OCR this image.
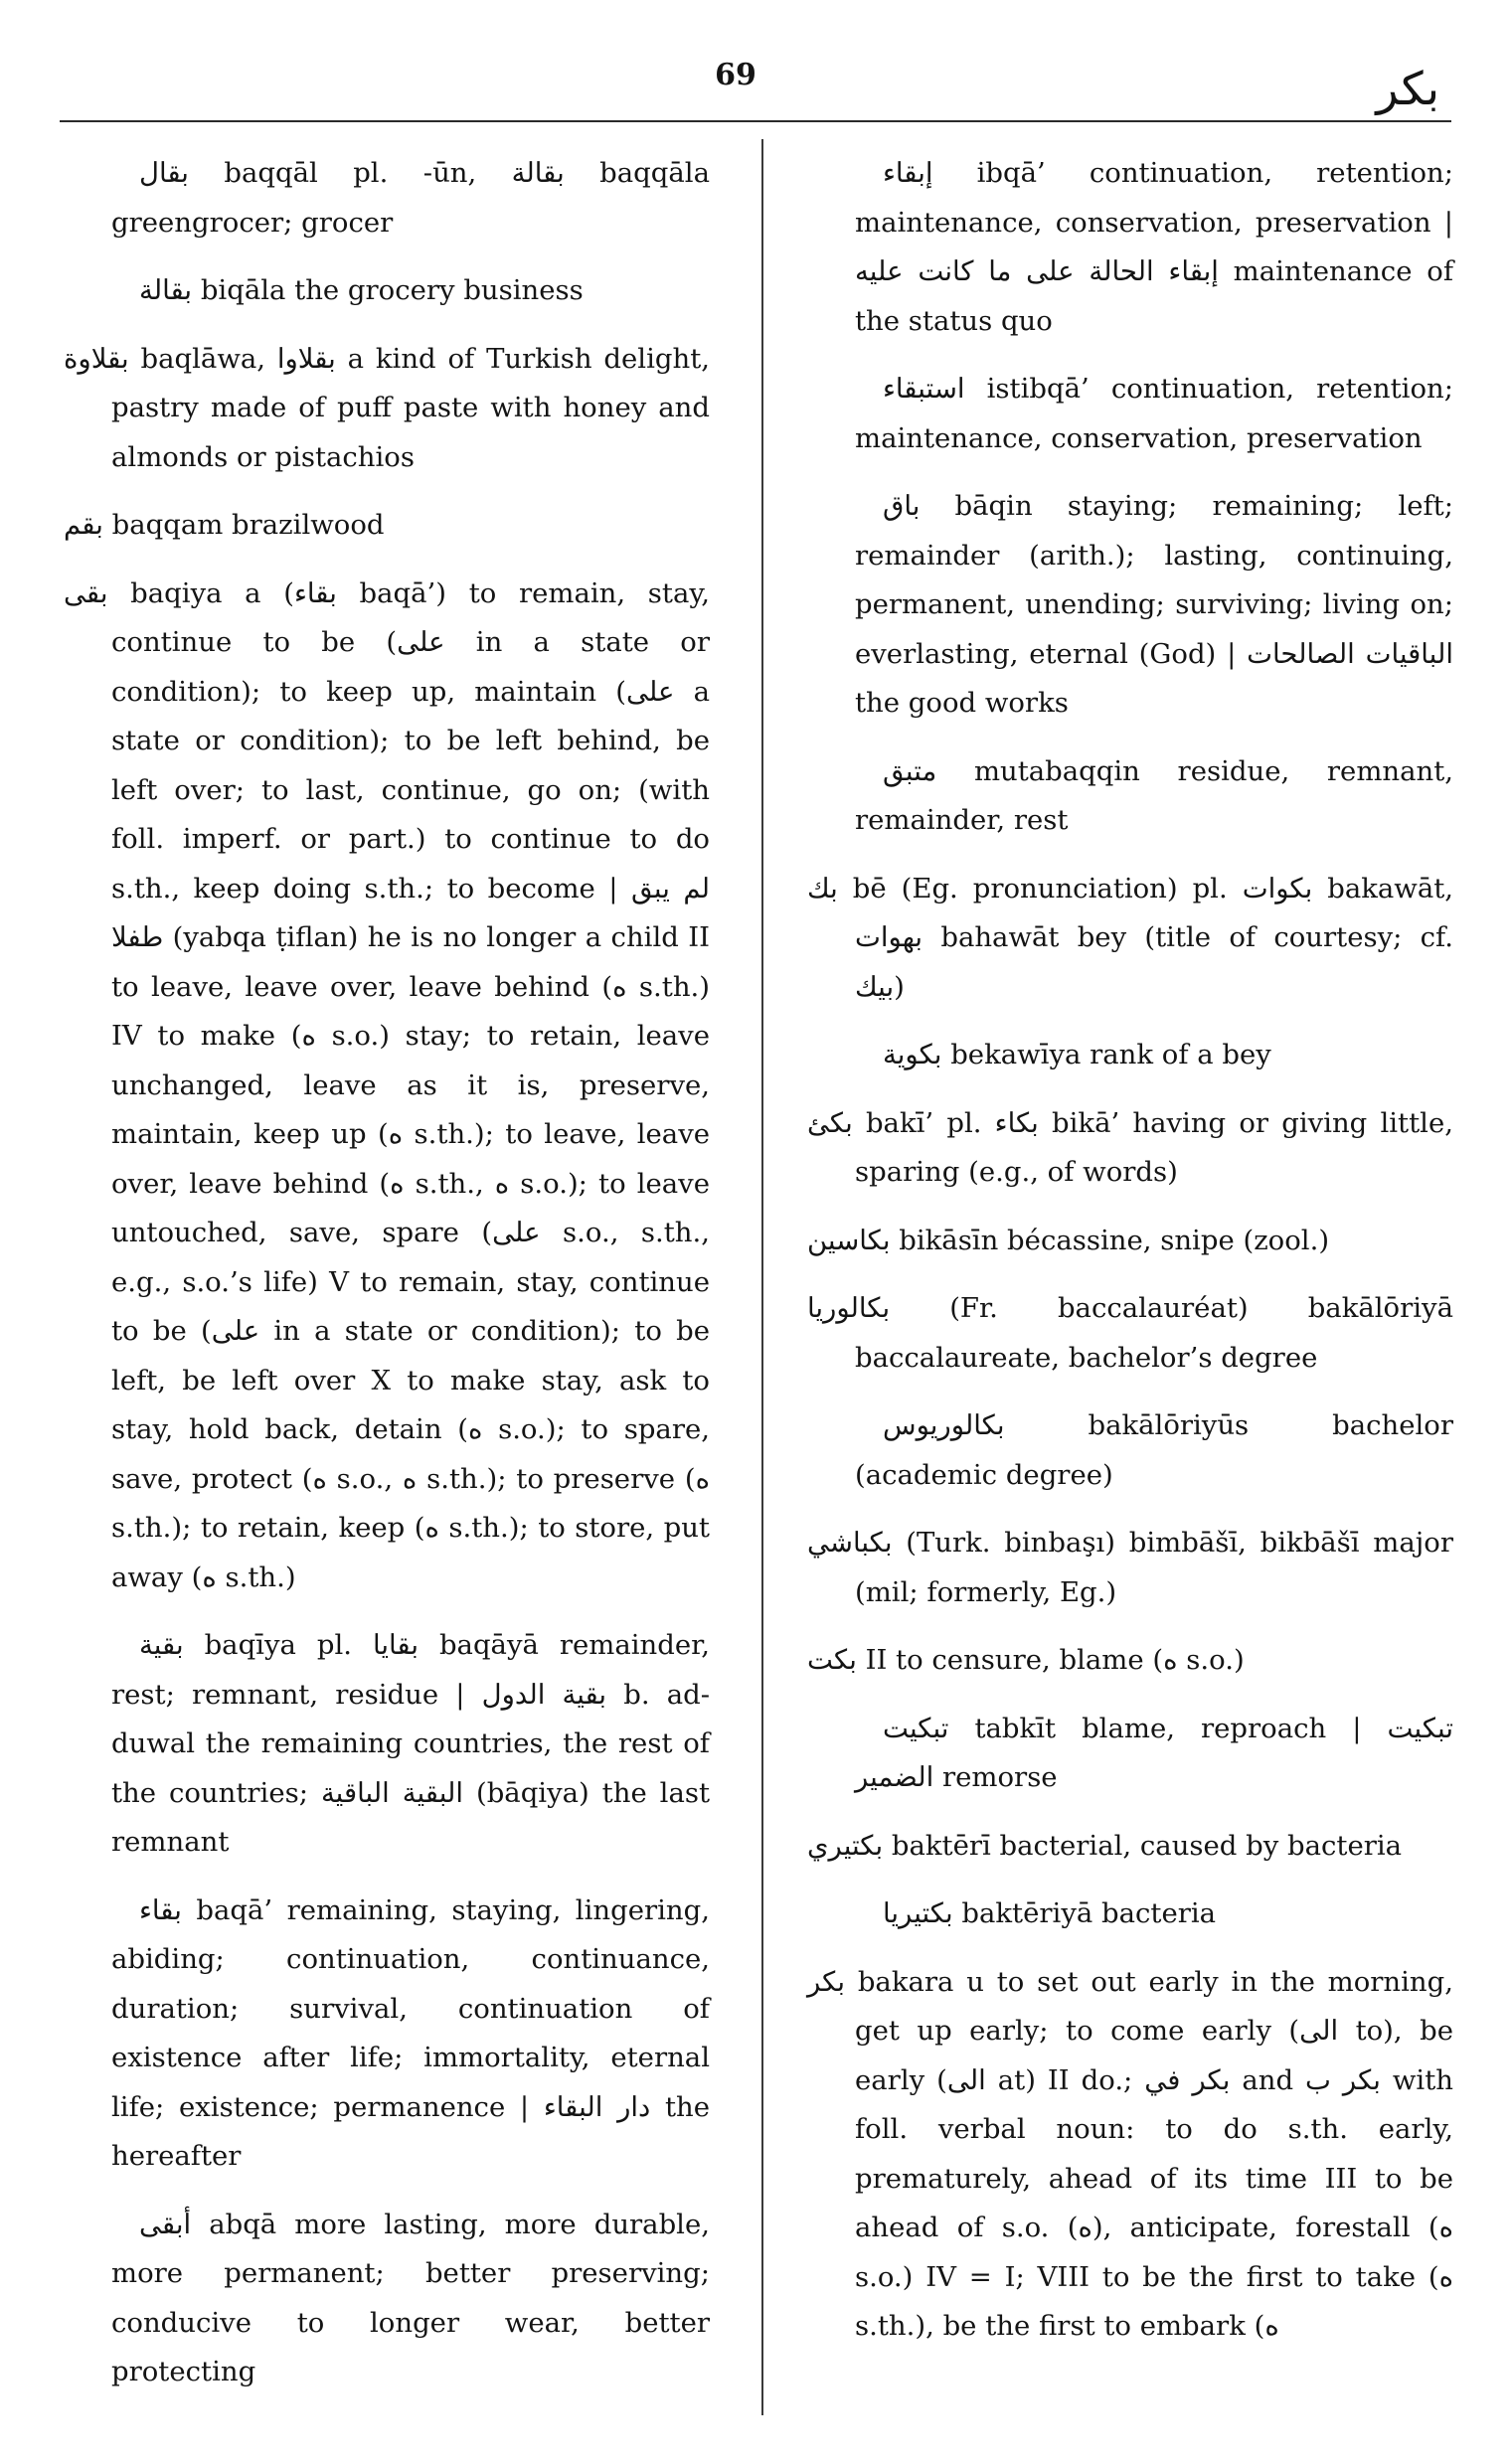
69	بكر

بقال baqqāl pl. -ūn, بقالة baqqāla greengrocer; grocer

بقالة biqāla the grocery business

بقلاوة baqlāwa, بقلاوا a kind of Turkish delight, pastry made of puff paste with honey and almonds or pistachios

بقم baqqam brazilwood

بقى baqiya a (بقاء baqā’) to remain, stay, continue to be (على in a state or condition); to keep up, maintain (على a state or condition); to be left behind, be left over; to last, continue, go on; (with foll. imperf. or part.) to continue to do s.th., keep doing s.th.; to become | لم يبق طفلا (yabqa ṭiflan) he is no longer a child II to leave, leave over, leave behind (ه s.th.) IV to make (ه s.o.) stay; to retain, leave unchanged, leave as it is, preserve, maintain, keep up (ه s.th.); to leave, leave over, leave behind (ه s.th., ه s.o.); to leave untouched, save, spare (على s.o., s.th., e.g., s.o.’s life) V to remain, stay, continue to be (على in a state or condition); to be left, be left over X to make stay, ask to stay, hold back, detain (ه s.o.); to spare, save, protect (ه s.o., ه s.th.); to preserve (ه s.th.); to retain, keep (ه s.th.); to store, put away (ه s.th.)

بقية baqīya pl. بقايا baqāyā remainder, rest; remnant, residue | بقية الدول b. ad-duwal the remaining countries, the rest of the countries; البقية الباقية (bāqiya) the last remnant

بقاء baqā’ remaining, staying, lingering, abiding; continuation, continuance, duration; survival, continuation of existence after life; immortality, eternal life; existence; permanence | دار البقاء the hereafter

أبقى abqā more lasting, more durable, more permanent; better preserving; conducive to longer wear, better protecting

إبقاء ibqā’ continuation, retention; maintenance, conservation, preservation | إبقاء الحالة على ما كانت عليه maintenance of the status quo

استبقاء istibqā’ continuation, retention; maintenance, conservation, preservation

باق bāqin staying; remaining; left; remainder (arith.); lasting, continuing, permanent, unending; surviving; living on; everlasting, eternal (God) | الباقيات الصالحات the good works

متبق mutabaqqin residue, remnant, remainder, rest

بك bē (Eg. pronunciation) pl. بكوات bakawāt, بهوات bahawāt bey (title of courtesy; cf. بيك)

بكوية bekawīya rank of a bey

بكئ bakī’ pl. بكاء bikā’ having or giving little, sparing (e.g., of words)

بكاسين bikāsīn bécassine, snipe (zool.)

بكالوريا (Fr. baccalauréat) bakālōriyā baccalaureate, bachelor’s degree

بكالوريوس bakālōriyūs bachelor (academic degree)

بكباشي (Turk. binbaşı) bimbāšī, bikbāšī major (mil; formerly, Eg.)

بكت II to censure, blame (ه s.o.)

تبكيت tabkīt blame, reproach | تبكيت الضمير remorse

بكتيري baktērī bacterial, caused by bacteria

بكتيريا baktēriyā bacteria

بكر bakara u to set out early in the morning, get up early; to come early (الى to), be early (الى at) II do.; بكر في and بكر ب with foll. verbal noun: to do s.th. early, prematurely, ahead of its time III to be ahead of s.o. (ه), anticipate, forestall (ه s.o.) IV = I; VIII to be the first to take (ه s.th.), be the first to embark (ه
